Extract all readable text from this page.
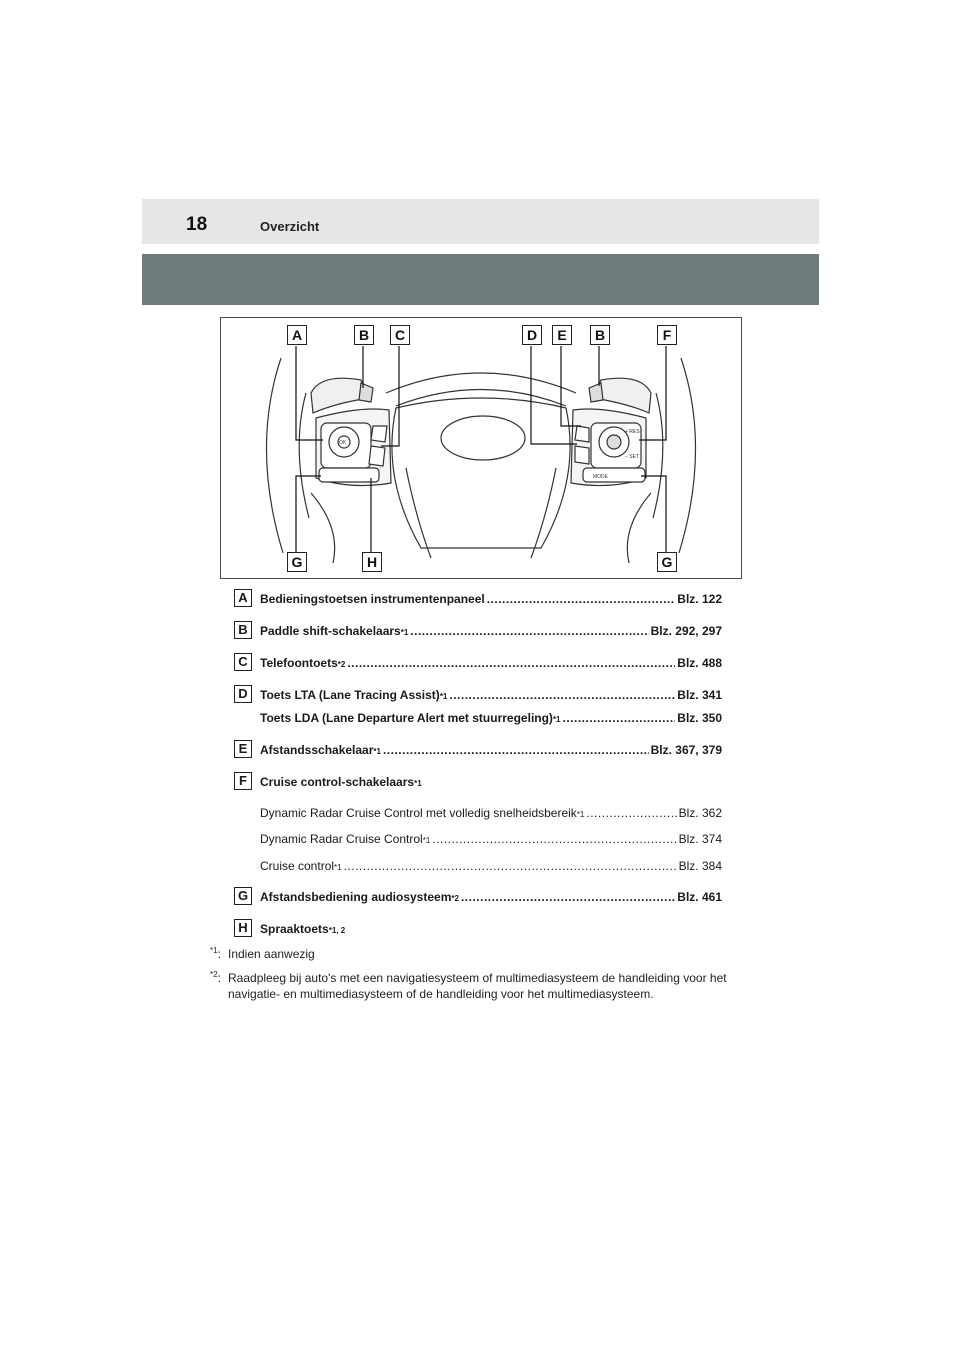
18	Overzicht
OK
MODE
+ RES
− SET
A	B	C	D	E	B	F
G	H	G
A	Bedieningstoetsen instrumentenpaneel .....	Blz. 122
B	Paddle shift-schakelaars *1 .....	Blz. 292, 297
C	Telefoontoets *2 .....	Blz. 488
D	Toets LTA (Lane Tracing Assist) *1 .....	Blz. 341
Toets LDA (Lane Departure Alert met stuurregeling) *1 .....	Blz. 350
E	Afstandsschakelaar *1 .....	Blz. 367, 379
F	Cruise control-schakelaars *1
Dynamic Radar Cruise Control met volledig snelheidsbereik *1 .....	Blz. 362
Dynamic Radar Cruise Control *1 .....	Blz. 374
Cruise control *1 .....	Blz. 384
G Afstandsbediening audiosysteem *2 .....	Blz. 461
H	Spraaktoets *1, 2
$^{*1}$: Indien aanwezig
$^{*2}$: Raadpleeg bij auto's met een navigatiesysteem of multimediasysteem de handleiding voor het navigatie- en multimediasysteem of de handleiding voor het multimediasysteem.
